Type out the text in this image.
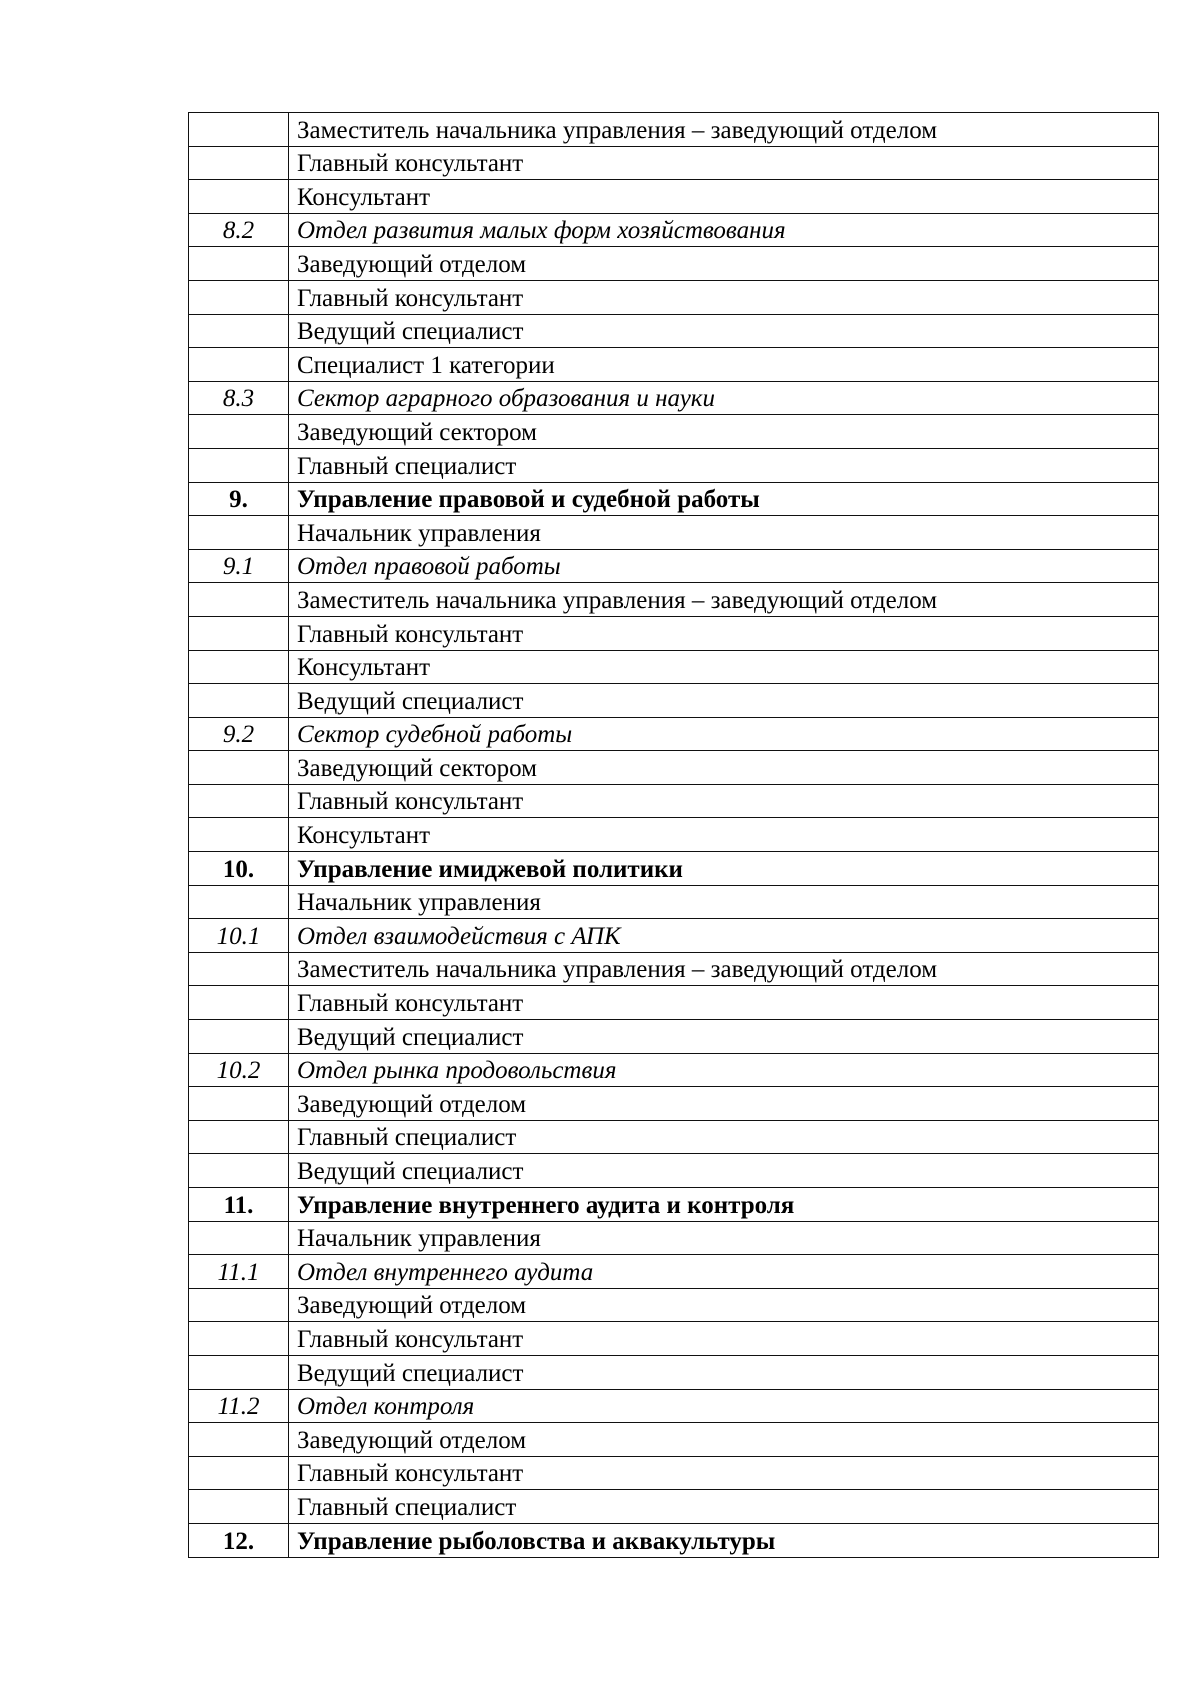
	Заместитель начальника управления – заведующий отделом
	Главный консультант
	Консультант
8.2	Отдел развития малых форм хозяйствования
	Заведующий отделом
	Главный консультант
	Ведущий специалист
	Специалист 1 категории
8.3	Сектор аграрного образования и науки
	Заведующий сектором
	Главный специалист
9.	Управление правовой и судебной работы
	Начальник управления
9.1	Отдел правовой работы
	Заместитель начальника управления – заведующий отделом
	Главный консультант
	Консультант
	Ведущий специалист
9.2	Сектор судебной работы
	Заведующий сектором
	Главный консультант
	Консультант
10.	Управление имиджевой политики
	Начальник управления
10.1	Отдел взаимодействия с АПК
	Заместитель начальника управления – заведующий отделом
	Главный консультант
	Ведущий специалист
10.2	Отдел рынка продовольствия
	Заведующий отделом
	Главный специалист
	Ведущий специалист
11.	Управление внутреннего аудита и контроля
	Начальник управления
11.1	Отдел внутреннего аудита
	Заведующий отделом
	Главный консультант
	Ведущий специалист
11.2	Отдел контроля
	Заведующий отделом
	Главный консультант
	Главный специалист
12.	Управление рыболовства и аквакультуры
